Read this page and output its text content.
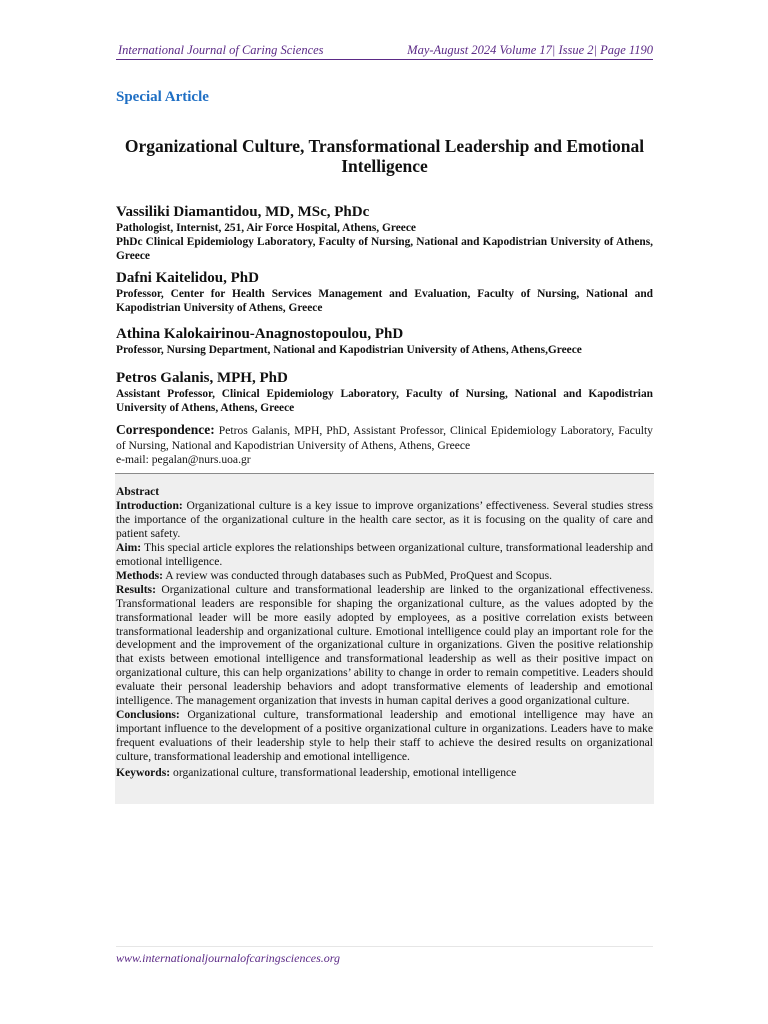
International Journal of Caring Sciences	May-August 2024 Volume 17| Issue 2| Page 1190

Special Article
Organizational Culture, Transformational Leadership and Emotional Intelligence
Vassiliki Diamantidou, MD, MSc, PhDc
Pathologist, Internist, 251, Air Force Hospital, Athens, Greece
PhDc Clinical Epidemiology Laboratory, Faculty of Nursing, National and Kapodistrian University of Athens, Greece
Dafni Kaitelidou, PhD
Professor, Center for Health Services Management and Evaluation, Faculty of Nursing, National and Kapodistrian University of Athens, Greece
Athina Kalokairinou-Anagnostopoulou, PhD
Professor, Nursing Department, National and Kapodistrian University of Athens, Athens,Greece
Petros Galanis, MPH, PhD
Assistant Professor, Clinical Epidemiology Laboratory, Faculty of Nursing, National and Kapodistrian University of Athens, Athens, Greece
Correspondence: Petros Galanis, MPH, PhD, Assistant Professor, Clinical Epidemiology Laboratory, Faculty of Nursing, National and Kapodistrian University of Athens, Athens, Greece
e-mail: pegalan@nurs.uoa.gr
Abstract

Introduction: Organizational culture is a key issue to improve organizations’ effectiveness. Several studies stress the importance of the organizational culture in the health care sector, as it is focusing on the quality of care and patient safety.

Aim: This special article explores the relationships between organizational culture, transformational leadership and emotional intelligence.

Methods: A review was conducted through databases such as PubMed, ProQuest and Scopus.

Results: Organizational culture and transformational leadership are linked to the organizational effectiveness. Transformational leaders are responsible for shaping the organizational culture, as the values adopted by the transformational leader will be more easily adopted by employees, as a positive correlation exists between transformational leadership and organizational culture. Emotional intelligence could play an important role for the development and the improvement of the organizational culture in organizations. Given the positive relationship that exists between emotional intelligence and transformational leadership as well as their positive impact on organizational culture, this can help organizations’ ability to change in order to remain competitive. Leaders should evaluate their personal leadership behaviors and adopt transformative elements of leadership and emotional intelligence. The management organization that invests in human capital derives a good organizational culture.

Conclusions: Organizational culture, transformational leadership and emotional intelligence may have an important influence to the development of a positive organizational culture in organizations. Leaders have to make frequent evaluations of their leadership style to help their staff to achieve the desired results on organizational culture, transformational leadership and emotional intelligence.

Keywords: organizational culture, transformational leadership, emotional intelligence

www.internationaljournalofcaringsciences.org
